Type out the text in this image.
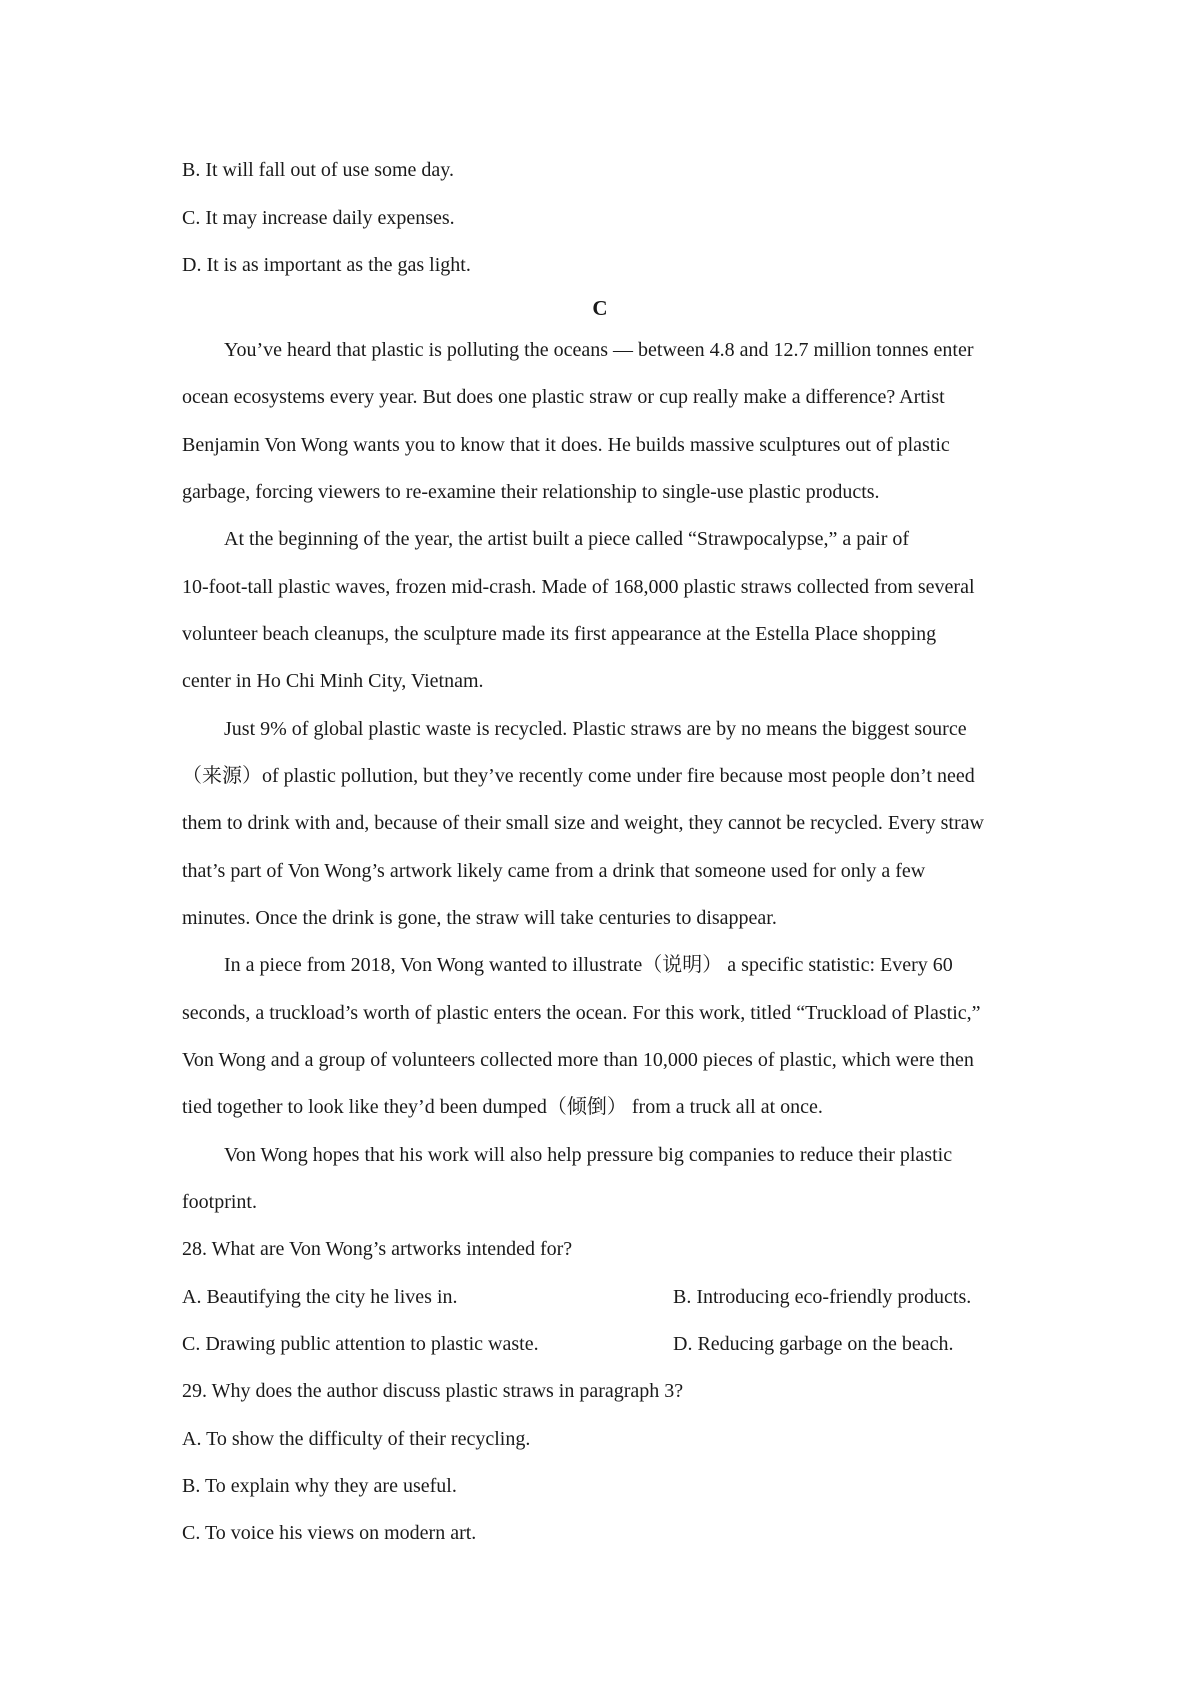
B. It will fall out of use some day.
C. It may increase daily expenses.
D. It is as important as the gas light.
C
You’ve heard that plastic is polluting the oceans — between 4.8 and 12.7 million tonnes enter
ocean ecosystems every year. But does one plastic straw or cup really make a difference? Artist
Benjamin Von Wong wants you to know that it does. He builds massive sculptures out of plastic
garbage, forcing viewers to re-examine their relationship to single-use plastic products.
At the beginning of the year, the artist built a piece called “Strawpocalypse,” a pair of
10-foot-tall plastic waves, frozen mid-crash. Made of 168,000 plastic straws collected from several
volunteer beach cleanups, the sculpture made its first appearance at the Estella Place shopping
center in Ho Chi Minh City, Vietnam.
Just 9% of global plastic waste is recycled. Plastic straws are by no means the biggest source
（来源）of plastic pollution, but they’ve recently come under fire because most people don’t need
them to drink with and, because of their small size and weight, they cannot be recycled. Every straw
that’s part of Von Wong’s artwork likely came from a drink that someone used for only a few
minutes. Once the drink is gone, the straw will take centuries to disappear.
In a piece from 2018, Von Wong wanted to illustrate（说明） a specific statistic: Every 60
seconds, a truckload’s worth of plastic enters the ocean. For this work, titled “Truckload of Plastic,”
Von Wong and a group of volunteers collected more than 10,000 pieces of plastic, which were then
tied together to look like they’d been dumped（倾倒） from a truck all at once.
Von Wong hopes that his work will also help pressure big companies to reduce their plastic
footprint.
28. What are Von Wong’s artworks intended for?
A. Beautifying the city he lives in.	B. Introducing eco-friendly products.
C. Drawing public attention to plastic waste.	D. Reducing garbage on the beach.
29. Why does the author discuss plastic straws in paragraph 3?
A. To show the difficulty of their recycling.
B. To explain why they are useful.
C. To voice his views on modern art.
